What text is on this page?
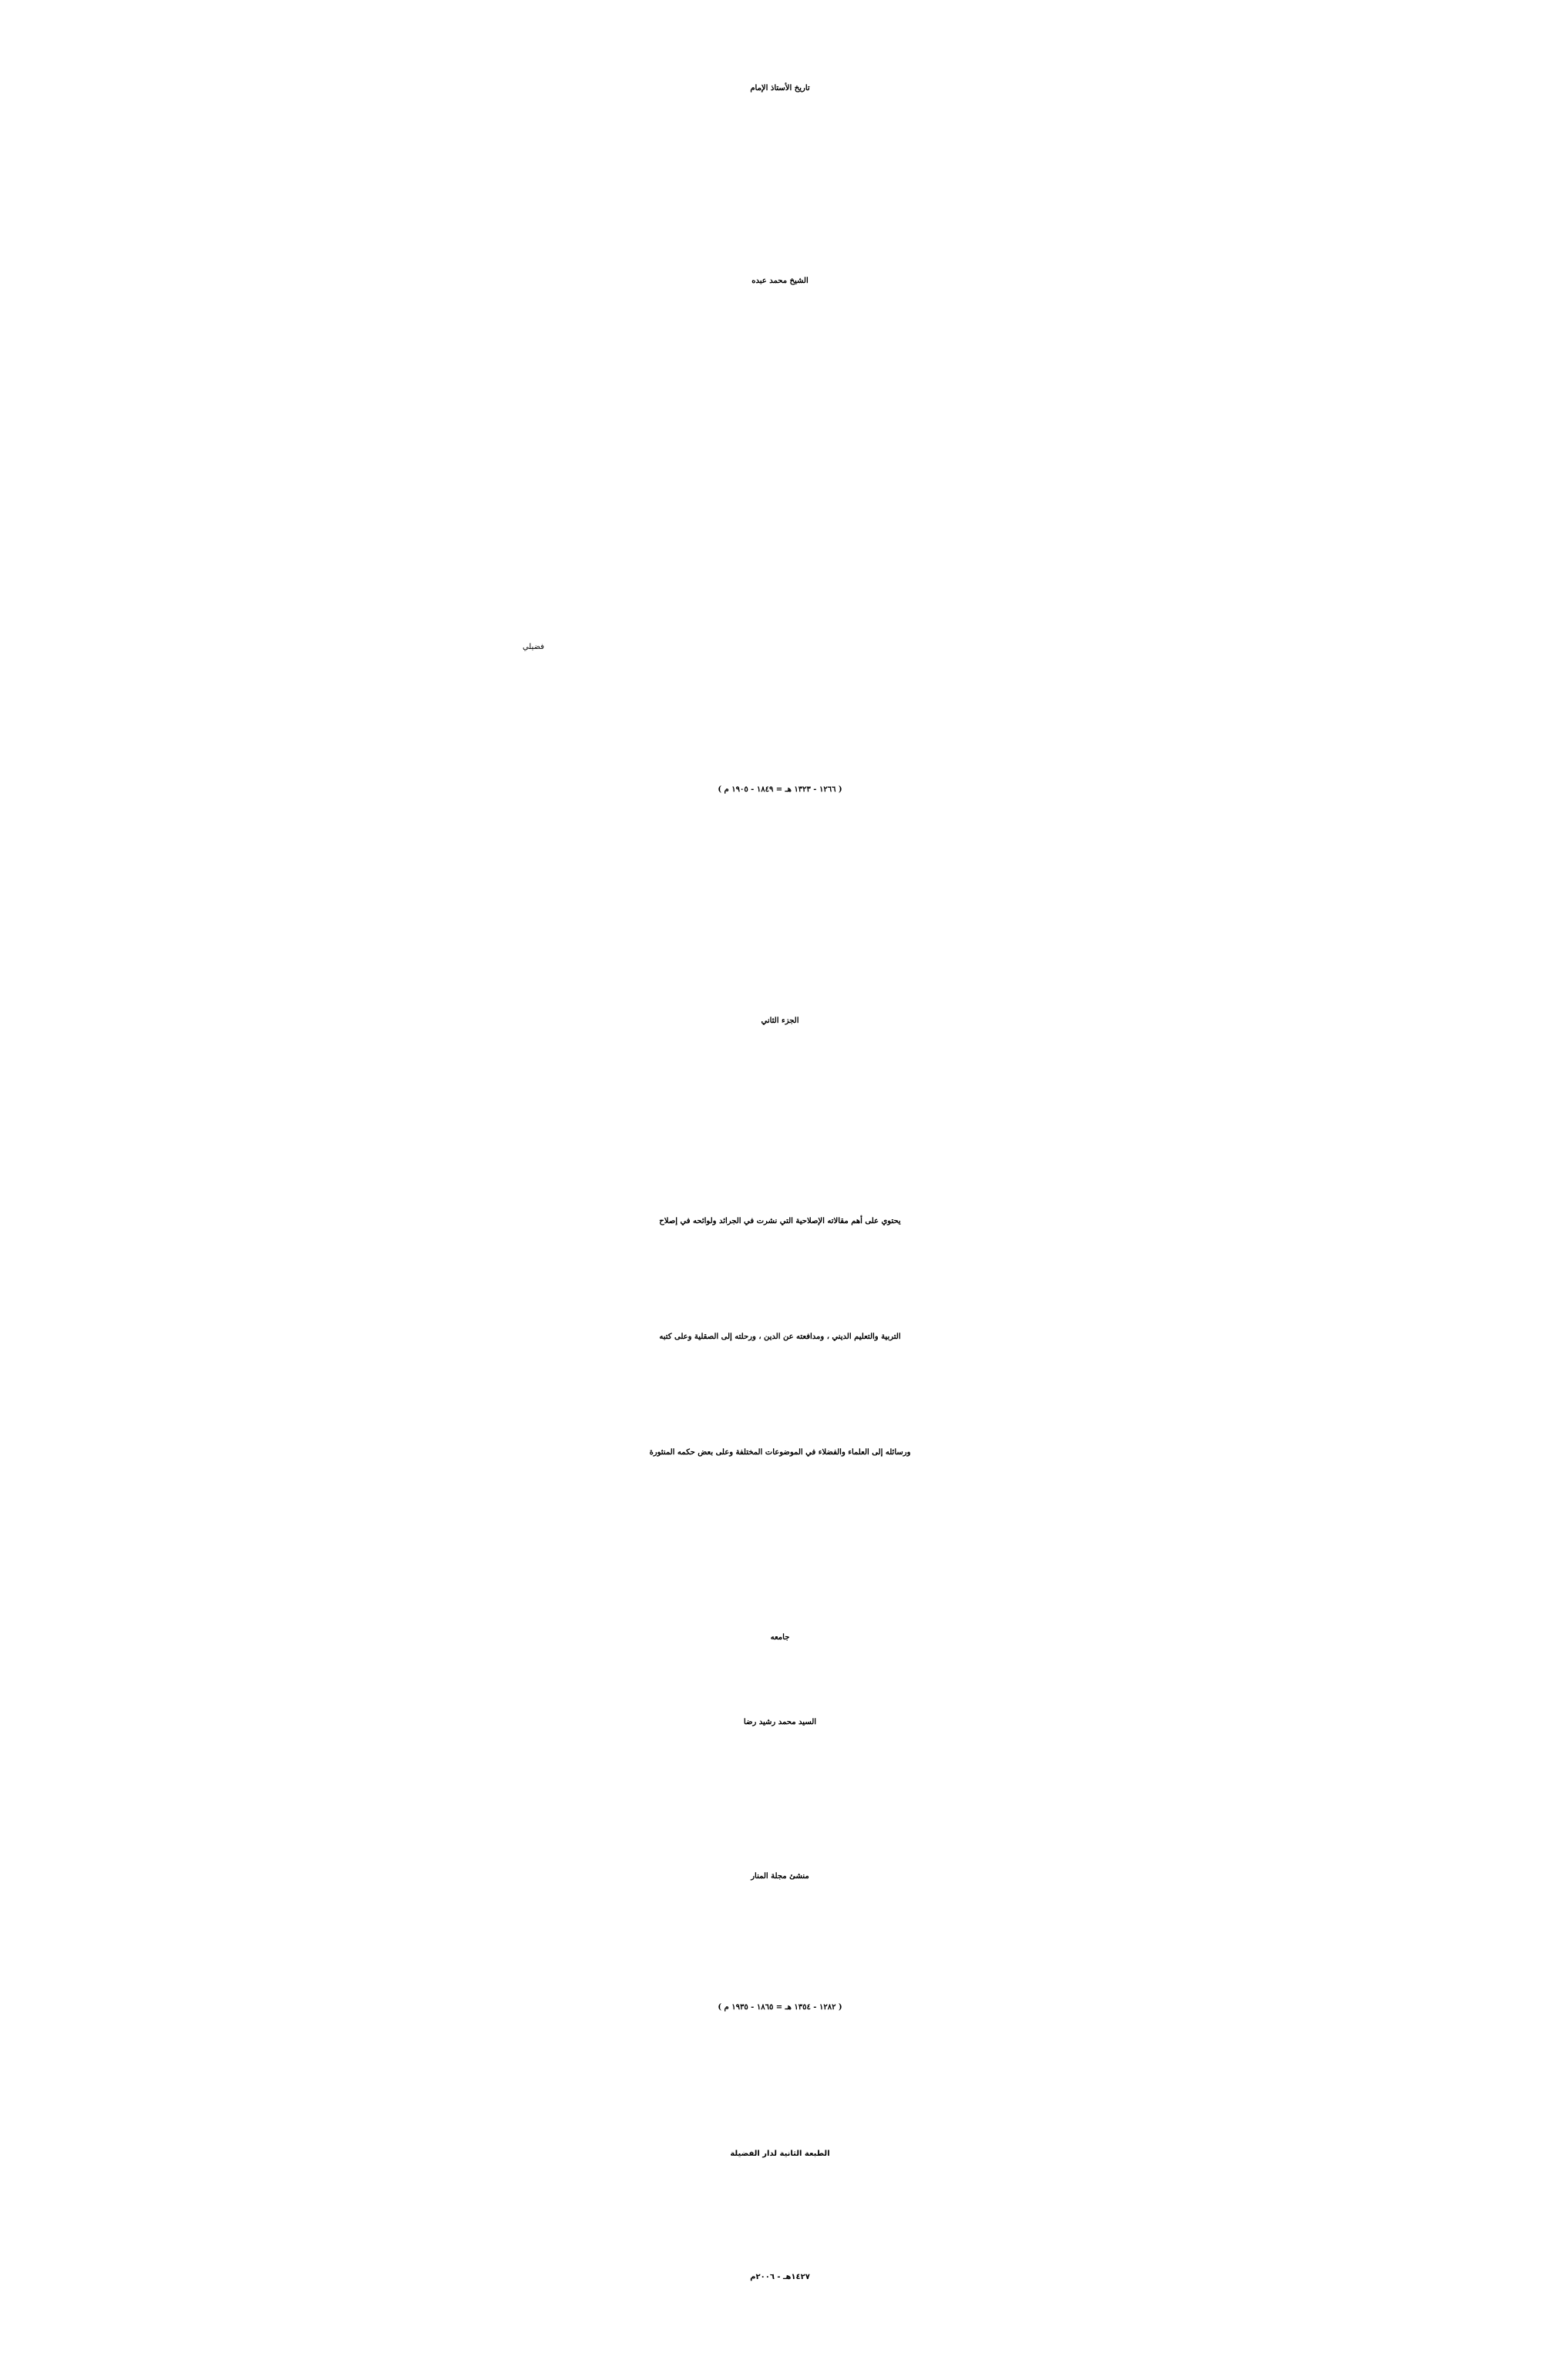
تاريخ الأستاذ الإمام
الشيخ محمد عبده
فضيلي
( ١٢٦٦ - ١٣٢٣ هـ = ١٨٤٩ - ١٩٠٥ م )
الجزء الثاني
يحتوي على أهم مقالاته الإصلاحية التي نشرت في الجرائد ولوائحه في إصلاح
التربية والتعليم الديني ، ومدافعته عن الدين ، ورحلته إلى الصقلية وعلى كتبه
ورسائله إلى العلماء والفضلاء في الموضوعات المختلفة وعلى بعض حكمه المنثورة
جامعه
السيد محمد رشيد رضا
منشئ مجلة المنار
( ١٢٨٢ - ١٣٥٤ هـ = ١٨٦٥ - ١٩٣٥ م )
الطبعة الثانية لدار الفضيلة
١٤٢٧هـ - ٢٠٠٦م
